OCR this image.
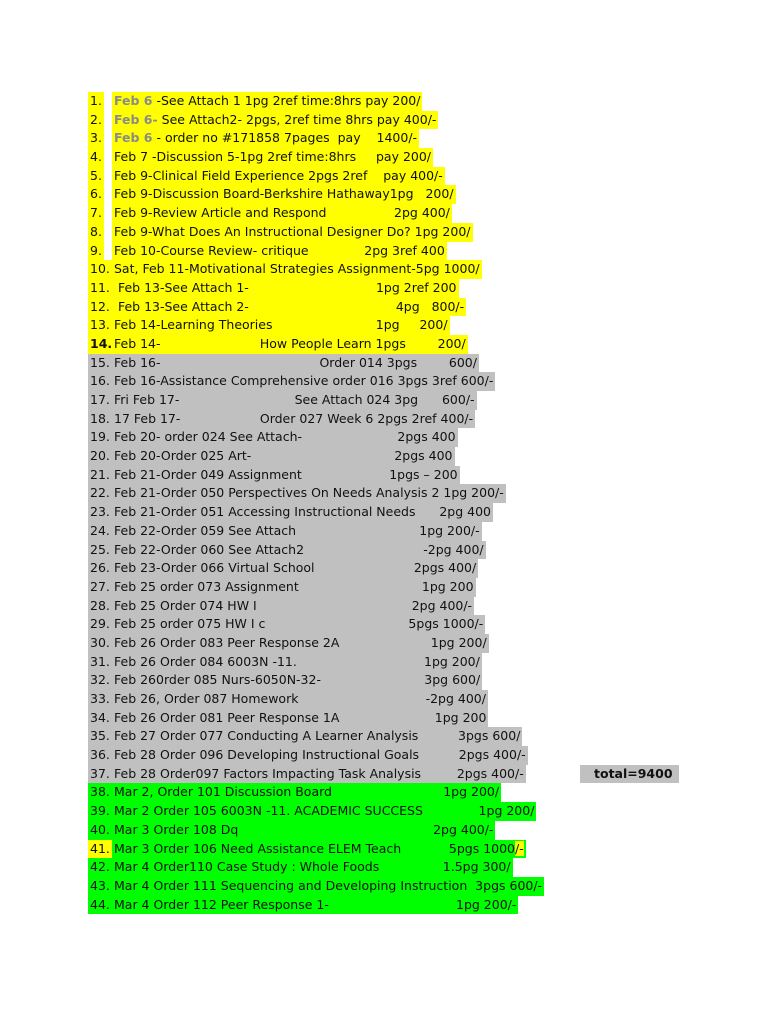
1. Feb 6 -See Attach 1 1pg 2ref time:8hrs pay 200/
2. Feb 6- See Attach2- 2pgs, 2ref time 8hrs pay 400/-
3. Feb 6 - order no #171858 7pages  pay    1400/-
4. Feb 7 -Discussion 5-1pg 2ref time:8hrs     pay 200/
5. Feb 9-Clinical Field Experience 2pgs 2ref    pay 400/-
6. Feb 9-Discussion Board-Berkshire Hathaway1pg   200/
7. Feb 9-Review Article and Respond                 2pg 400/
8. Feb 9-What Does An Instructional Designer Do? 1pg 200/
9. Feb 10-Course Review- critique              2pg 3ref 400
10. Sat, Feb 11-Motivational Strategies Assignment-5pg 1000/
11. Feb 13-See Attach 1-                                1pg 2ref 200
12. Feb 13-See Attach 2-                                     4pg   800/-
13. Feb 14-Learning Theories                          1pg     200/
14. Feb 14-                         How People Learn 1pgs        200/
15. Feb 16-                                        Order 014 3pgs        600/
16. Feb 16-Assistance Comprehensive order 016 3pgs 3ref 600/-
17. Fri Feb 17-                             See Attach 024 3pg      600/-
18. 17 Feb 17-                    Order 027 Week 6 2pgs 2ref 400/-
19. Feb 20- order 024 See Attach-                        2pgs 400
20. Feb 20-Order 025 Art-                                    2pgs 400
21. Feb 21-Order 049 Assignment                      1pgs – 200
22. Feb 21-Order 050 Perspectives On Needs Analysis 2 1pg 200/-
23. Feb 21-Order 051 Accessing Instructional Needs      2pg 400
24. Feb 22-Order 059 See Attach                               1pg 200/-
25. Feb 22-Order 060 See Attach2                              -2pg 400/
26. Feb 23-Order 066 Virtual School                         2pgs 400/
27. Feb 25 order 073 Assignment                               1pg 200
28. Feb 25 Order 074 HW I                                       2pg 400/-
29. Feb 25 order 075 HW I c                                    5pgs 1000/-
30. Feb 26 Order 083 Peer Response 2A                       1pg 200/
31. Feb 26 Order 084 6003N -11.                                1pg 200/
32. Feb 260rder 085 Nurs-6050N-32-                          3pg 600/
33. Feb 26, Order 087 Homework                                -2pg 400/
34. Feb 26 Order 081 Peer Response 1A                        1pg 200
35. Feb 27 Order 077 Conducting A Learner Analysis          3pgs 600/
36. Feb 28 Order 096 Developing Instructional Goals          2pgs 400/-
37. Feb 28 Order097 Factors Impacting Task Analysis         2pgs 400/-	total=9400
38. Mar 2, Order 101 Discussion Board                            1pg 200/
39. Mar 2 Order 105 6003N -11. ACADEMIC SUCCESS              1pg 200/
40. Mar 3 Order 108 Dq                                                 2pg 400/-
41. Mar 3 Order 106 Need Assistance ELEM Teach            5pgs 1000/-
42. Mar 4 Order110 Case Study : Whole Foods                1.5pg 300/
43. Mar 4 Order 111 Sequencing and Developing Instruction  3pgs 600/-
44. Mar 4 Order 112 Peer Response 1-                                1pg 200/-
